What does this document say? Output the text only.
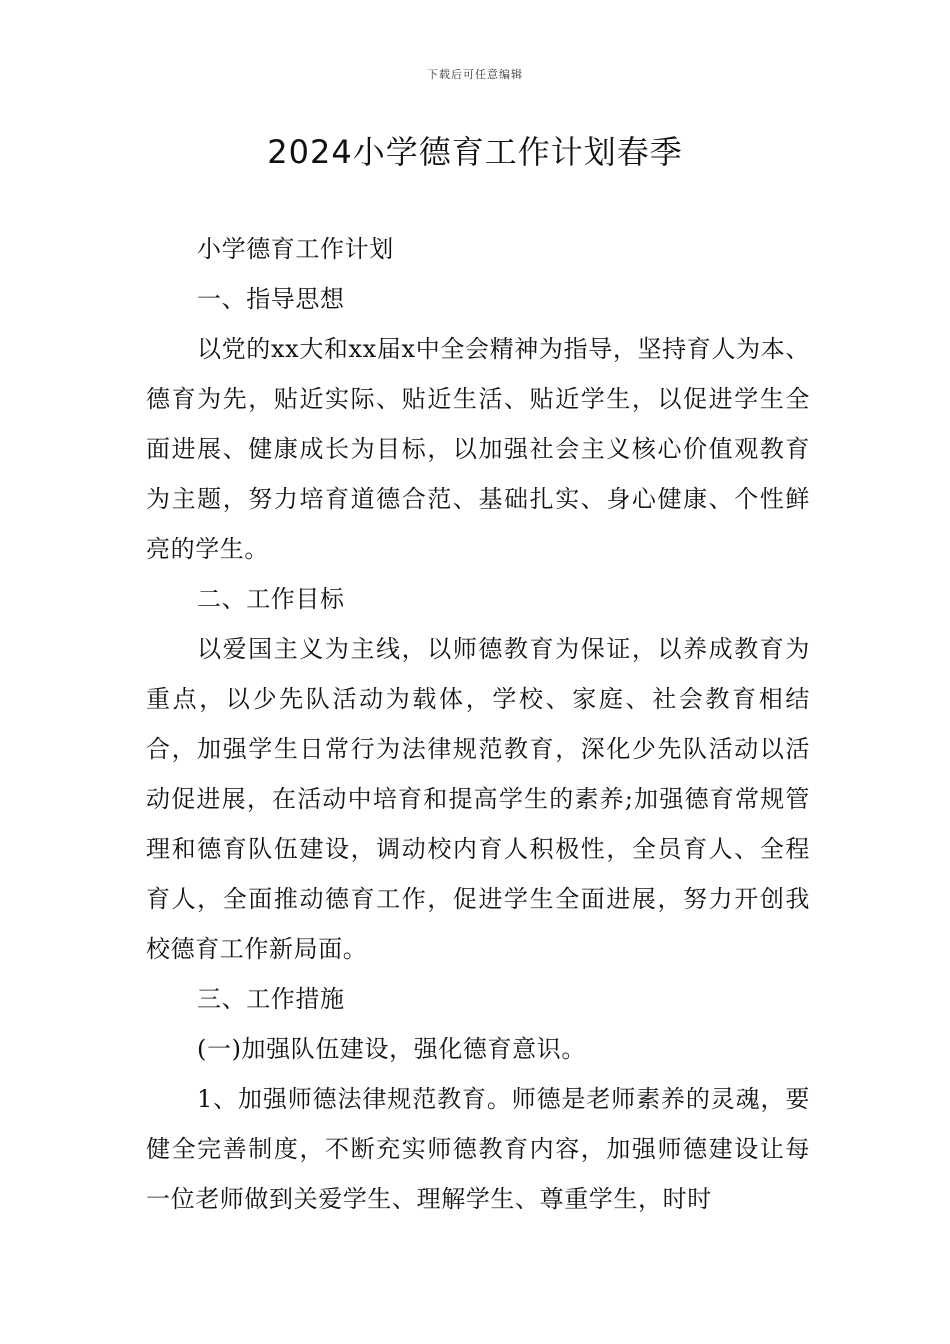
下载后可任意编辑
2024小学德育工作计划春季

小学德育工作计划

一、指导思想

以党的xx大和xx届x中全会精神为指导，坚持育人为本、德育为先，贴近实际、贴近生活、贴近学生，以促进学生全面进展、健康成长为目标，以加强社会主义核心价值观教育为主题，努力培育道德合范、基础扎实、身心健康、个性鲜亮的学生。

二、工作目标

以爱国主义为主线，以师德教育为保证，以养成教育为重点，以少先队活动为载体，学校、家庭、社会教育相结合，加强学生日常行为法律规范教育，深化少先队活动以活动促进展，在活动中培育和提高学生的素养;加强德育常规管理和德育队伍建设，调动校内育人积极性，全员育人、全程育人，全面推动德育工作，促进学生全面进展，努力开创我校德育工作新局面。

三、工作措施

(一)加强队伍建设，强化德育意识。

1、加强师德法律规范教育。师德是老师素养的灵魂，要健全完善制度，不断充实师德教育内容，加强师德建设让每一位老师做到关爱学生、理解学生、尊重学生，时时
